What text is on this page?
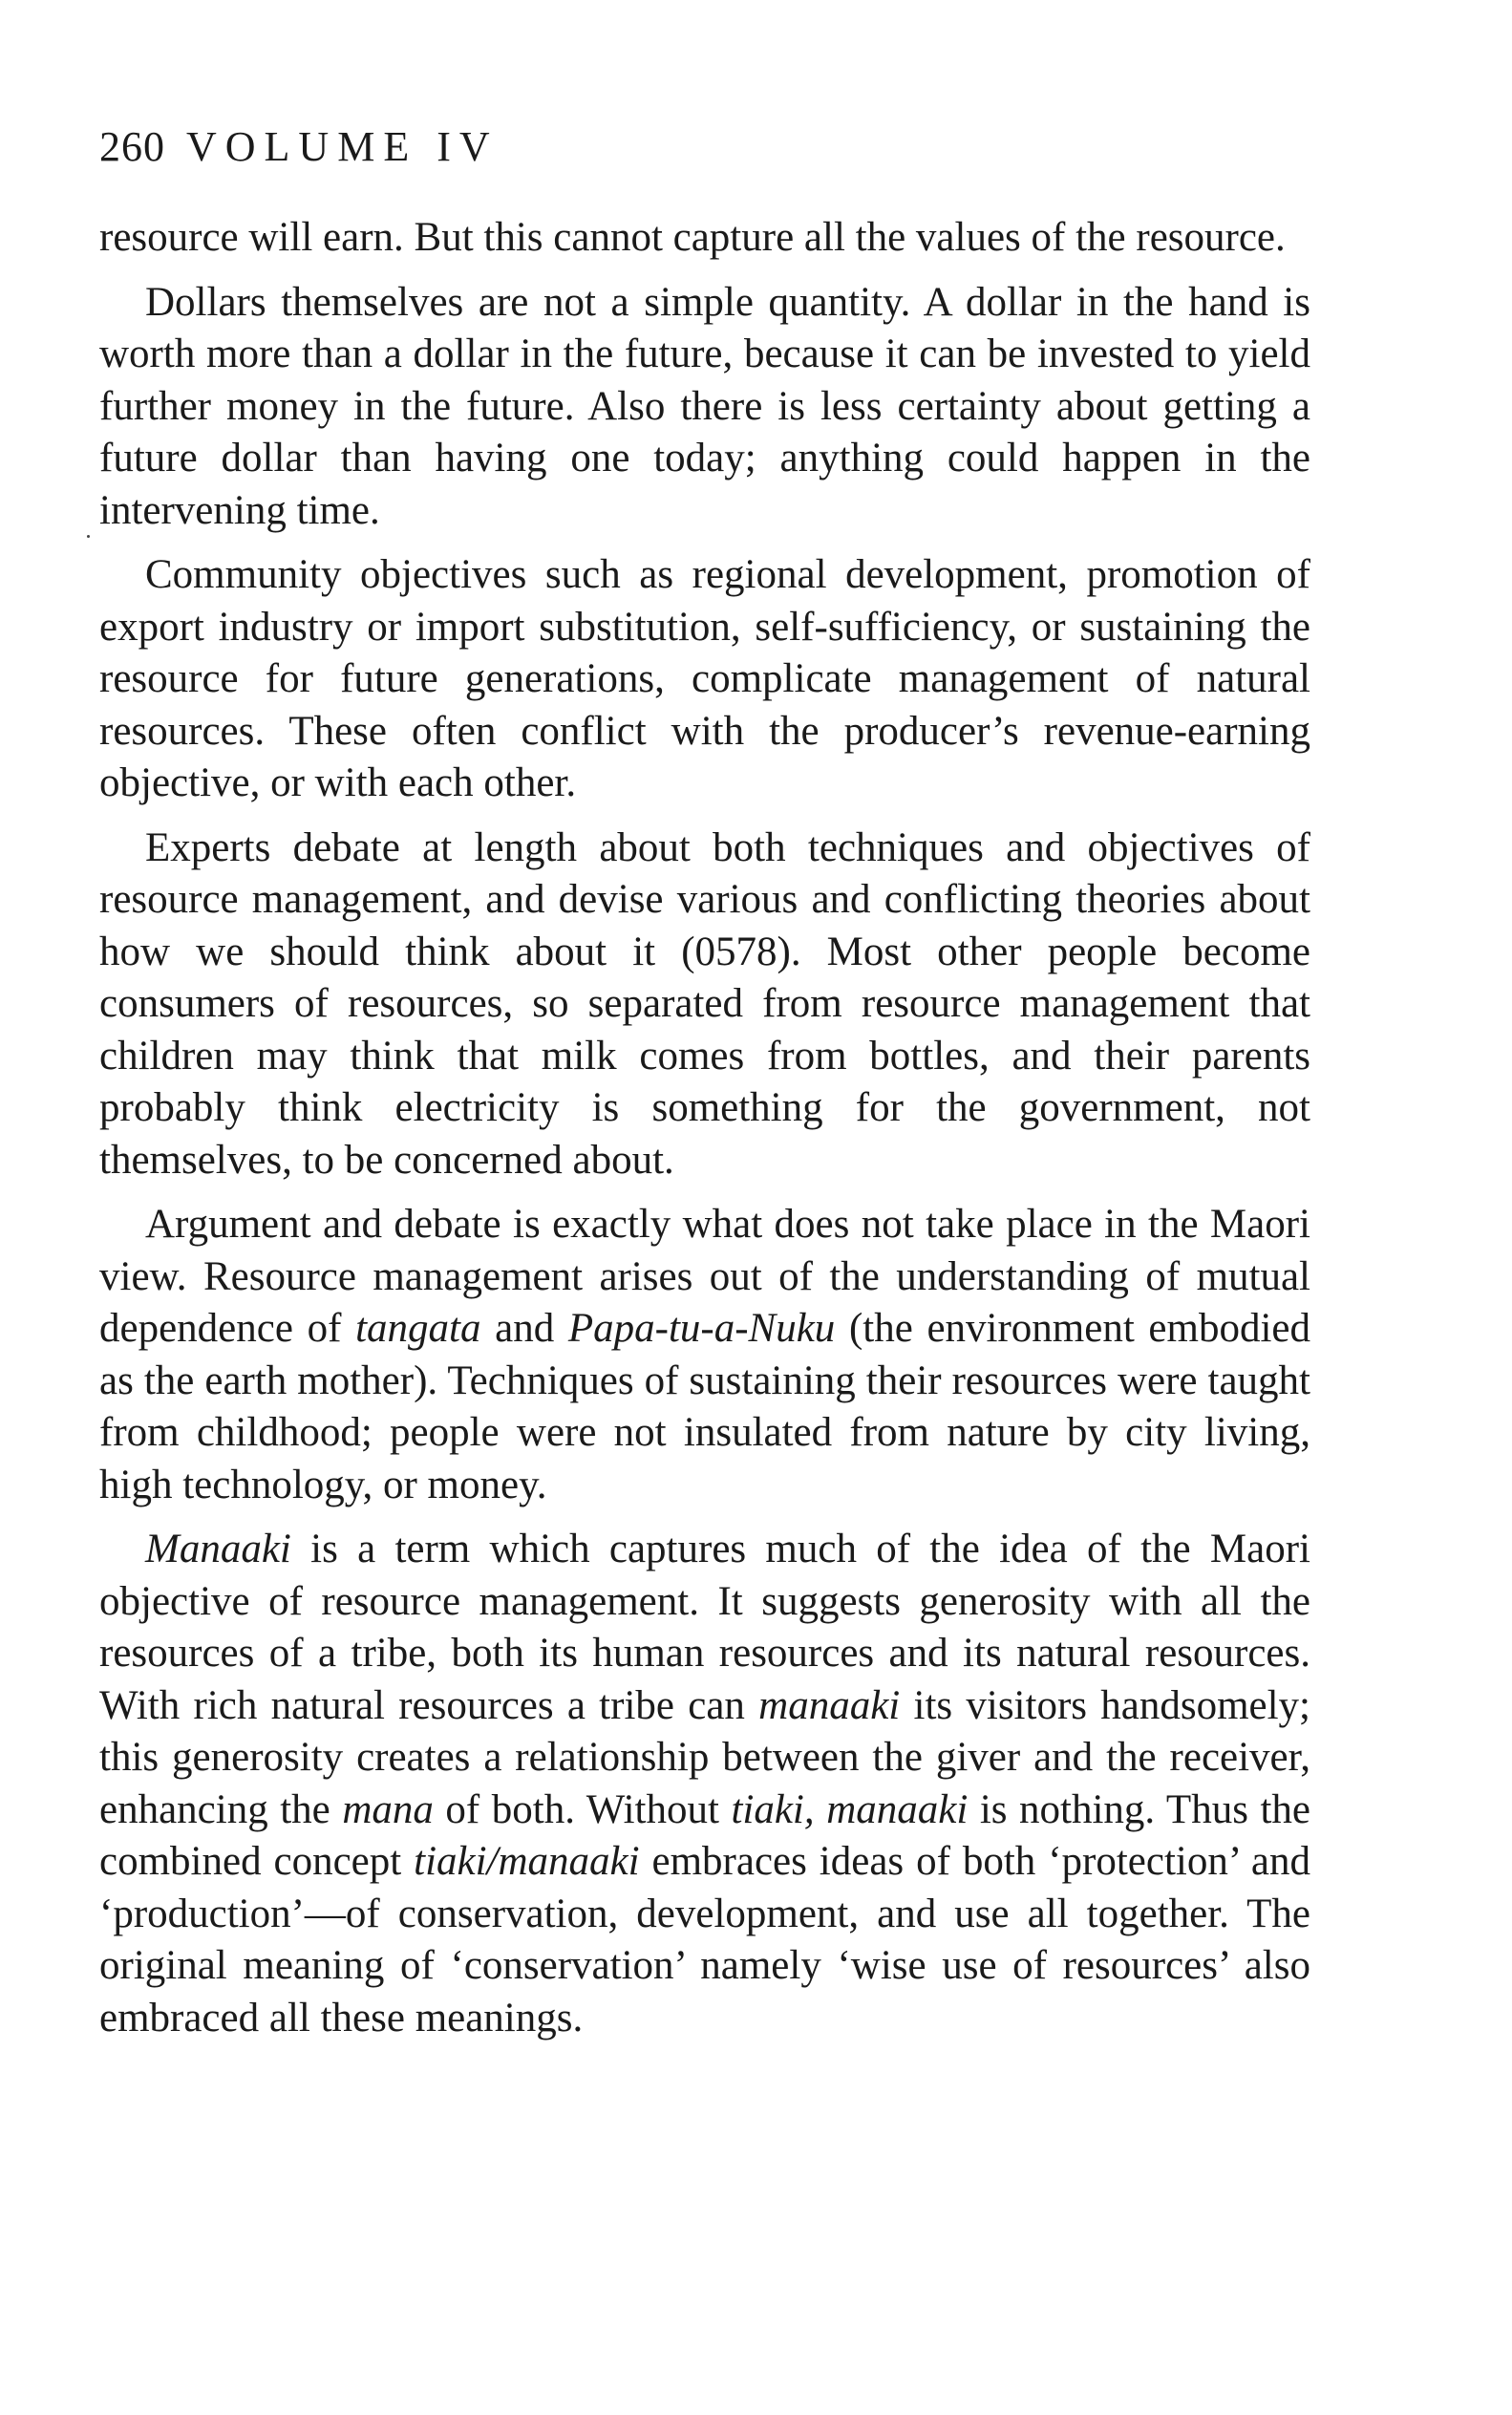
260 VOLUME IV

resource will earn. But this cannot capture all the values of the resource.

Dollars themselves are not a simple quantity. A dollar in the hand is worth more than a dollar in the future, because it can be invested to yield further money in the future. Also there is less certainty about getting a future dollar than having one today; anything could happen in the intervening time.

Community objectives such as regional development, promotion of export industry or import substitution, self-sufficiency, or sustaining the resource for future generations, complicate management of natural resources. These often conflict with the producer’s revenue-earning objective, or with each other.

Experts debate at length about both techniques and objectives of resource management, and devise various and conflicting theories about how we should think about it (0578). Most other people become consumers of resources, so separated from resource management that children may think that milk comes from bottles, and their parents probably think electricity is something for the government, not themselves, to be concerned about.

Argument and debate is exactly what does not take place in the Maori view. Resource management arises out of the understanding of mutual dependence of tangata and Papa-tu-a-Nuku (the environment embodied as the earth mother). Techniques of sustaining their resources were taught from childhood; people were not insulated from nature by city living, high technology, or money.

Manaaki is a term which captures much of the idea of the Maori objective of resource management. It suggests generosity with all the resources of a tribe, both its human resources and its natural resources. With rich natural resources a tribe can manaaki its visitors handsomely; this generosity creates a relationship between the giver and the receiver, enhancing the mana of both. Without tiaki, manaaki is nothing. Thus the combined concept tiaki/manaaki embraces ideas of both ‘protection’ and ‘production’—of conservation, development, and use all together. The original meaning of ‘conservation’ namely ‘wise use of resources’ also embraced all these meanings.
